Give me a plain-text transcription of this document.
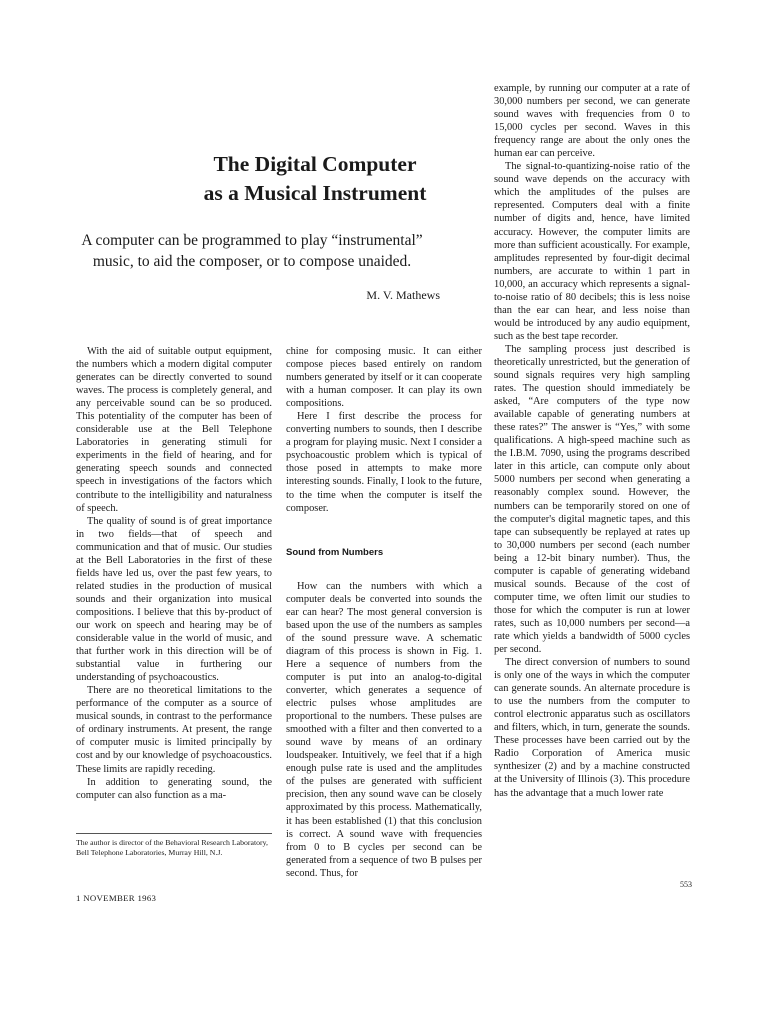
The Digital Computer
as a Musical Instrument

A computer can be programmed to play “instrumental” music, to aid the composer, or to compose unaided.

M. V. Mathews

With the aid of suitable output equipment, the numbers which a modern digital computer generates can be directly converted to sound waves. The process is completely general, and any perceivable sound can be so produced. This potentiality of the computer has been of considerable use at the Bell Telephone Laboratories in generating stimuli for experiments in the field of hearing, and for generating speech sounds and connected speech in investigations of the factors which contribute to the intelligibility and naturalness of speech.

The quality of sound is of great importance in two fields—that of speech and communication and that of music. Our studies at the Bell Laboratories in the first of these fields have led us, over the past few years, to related studies in the production of musical sounds and their organization into musical compositions. I believe that this by-product of our work on speech and hearing may be of considerable value in the world of music, and that further work in this direction will be of substantial value in furthering our understanding of psychoacoustics.

There are no theoretical limitations to the performance of the computer as a source of musical sounds, in contrast to the performance of ordinary instruments. At present, the range of computer music is limited principally by cost and by our knowledge of psychoacoustics. These limits are rapidly receding.

In addition to generating sound, the computer can also function as a ma-

The author is director of the Behavioral Research Laboratory, Bell Telephone Laboratories, Murray Hill, N.J.

1 NOVEMBER 1963

chine for composing music. It can either compose pieces based entirely on random numbers generated by itself or it can cooperate with a human composer. It can play its own compositions.

Here I first describe the process for converting numbers to sounds, then I describe a program for playing music. Next I consider a psychoacoustic problem which is typical of those posed in attempts to make more interesting sounds. Finally, I look to the future, to the time when the computer is itself the composer.

Sound from Numbers

How can the numbers with which a computer deals be converted into sounds the ear can hear? The most general conversion is based upon the use of the numbers as samples of the sound pressure wave. A schematic diagram of this process is shown in Fig. 1. Here a sequence of numbers from the computer is put into an analog-to-digital converter, which generates a sequence of electric pulses whose amplitudes are proportional to the numbers. These pulses are smoothed with a filter and then converted to a sound wave by means of an ordinary loudspeaker. Intuitively, we feel that if a high enough pulse rate is used and the amplitudes of the pulses are generated with sufficient precision, then any sound wave can be closely approximated by this process. Mathematically, it has been established (1) that this conclusion is correct. A sound wave with frequencies from 0 to B cycles per second can be generated from a sequence of two B pulses per second. Thus, for

example, by running our computer at a rate of 30,000 numbers per second, we can generate sound waves with frequencies from 0 to 15,000 cycles per second. Waves in this frequency range are about the only ones the human ear can perceive.

The signal-to-quantizing-noise ratio of the sound wave depends on the accuracy with which the amplitudes of the pulses are represented. Computers deal with a finite number of digits and, hence, have limited accuracy. However, the computer limits are more than sufficient acoustically. For example, amplitudes represented by four-digit decimal numbers, are accurate to within 1 part in 10,000, an accuracy which represents a signal-to-noise ratio of 80 decibels; this is less noise than the ear can hear, and less noise than would be introduced by any audio equipment, such as the best tape recorder.

The sampling process just described is theoretically unrestricted, but the generation of sound signals requires very high sampling rates. The question should immediately be asked, “Are computers of the type now available capable of generating numbers at these rates?” The answer is “Yes,” with some qualifications. A high-speed machine such as the I.B.M. 7090, using the programs described later in this article, can compute only about 5000 numbers per second when generating a reasonably complex sound. However, the numbers can be temporarily stored on one of the computer's digital magnetic tapes, and this tape can subsequently be replayed at rates up to 30,000 numbers per second (each number being a 12-bit binary number). Thus, the computer is capable of generating wideband musical sounds. Because of the cost of computer time, we often limit our studies to those for which the computer is run at lower rates, such as 10,000 numbers per second—a rate which yields a bandwidth of 5000 cycles per second.

The direct conversion of numbers to sound is only one of the ways in which the computer can generate sounds. An alternate procedure is to use the numbers from the computer to control electronic apparatus such as oscillators and filters, which, in turn, generate the sounds. These processes have been carried out by the Radio Corporation of America music synthesizer (2) and by a machine constructed at the University of Illinois (3). This procedure has the advantage that a much lower rate

553
